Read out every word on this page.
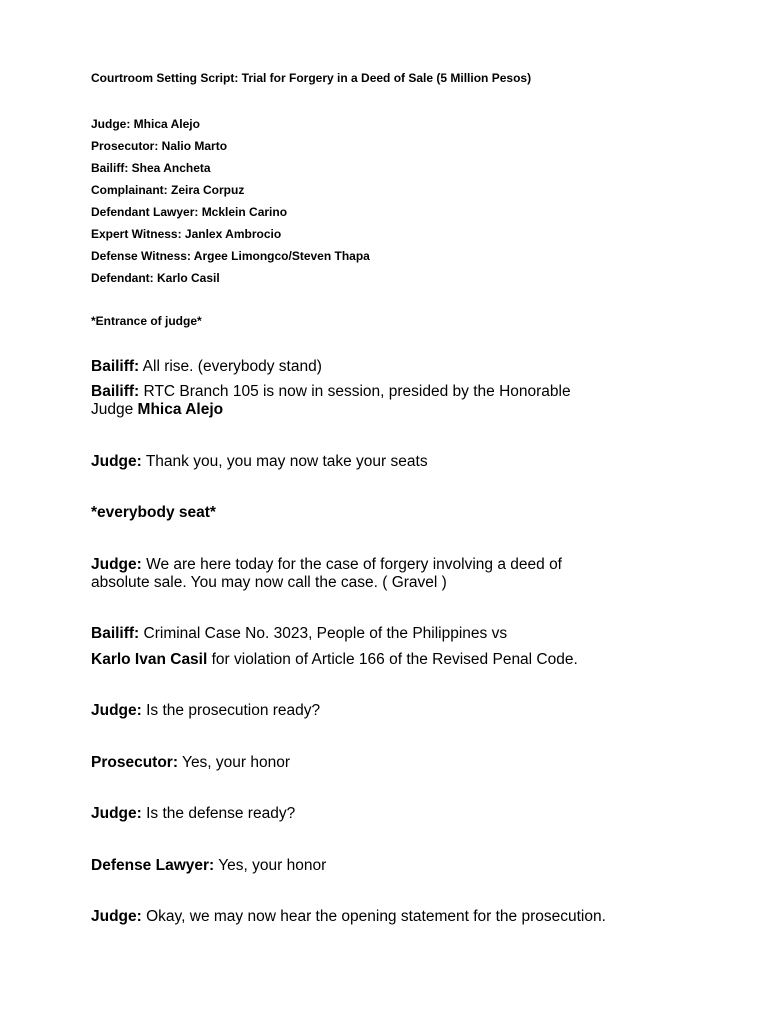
Courtroom Setting Script: Trial for Forgery in a Deed of Sale (5 Million Pesos)
Judge: Mhica Alejo
Prosecutor: Nalio Marto
Bailiff: Shea Ancheta
Complainant: Zeira Corpuz
Defendant Lawyer: Mcklein Carino
Expert Witness: Janlex Ambrocio
Defense Witness: Argee Limongco/Steven Thapa
Defendant: Karlo Casil
*Entrance of judge*
Bailiff: All rise. (everybody stand)
Bailiff: RTC Branch 105 is now in session, presided by the Honorable
Judge Mhica Alejo
Judge: Thank you, you may now take your seats
*everybody seat*
Judge: We are here today for the case of forgery involving a deed of
absolute sale. You may now call the case. ( Gravel )
Bailiff: Criminal Case No. 3023, People of the Philippines vs
Karlo Ivan Casil for violation of Article 166 of the Revised Penal Code.
Judge: Is the prosecution ready?
Prosecutor: Yes, your honor
Judge: Is the defense ready?
Defense Lawyer: Yes, your honor
Judge: Okay, we may now hear the opening statement for the prosecution.
